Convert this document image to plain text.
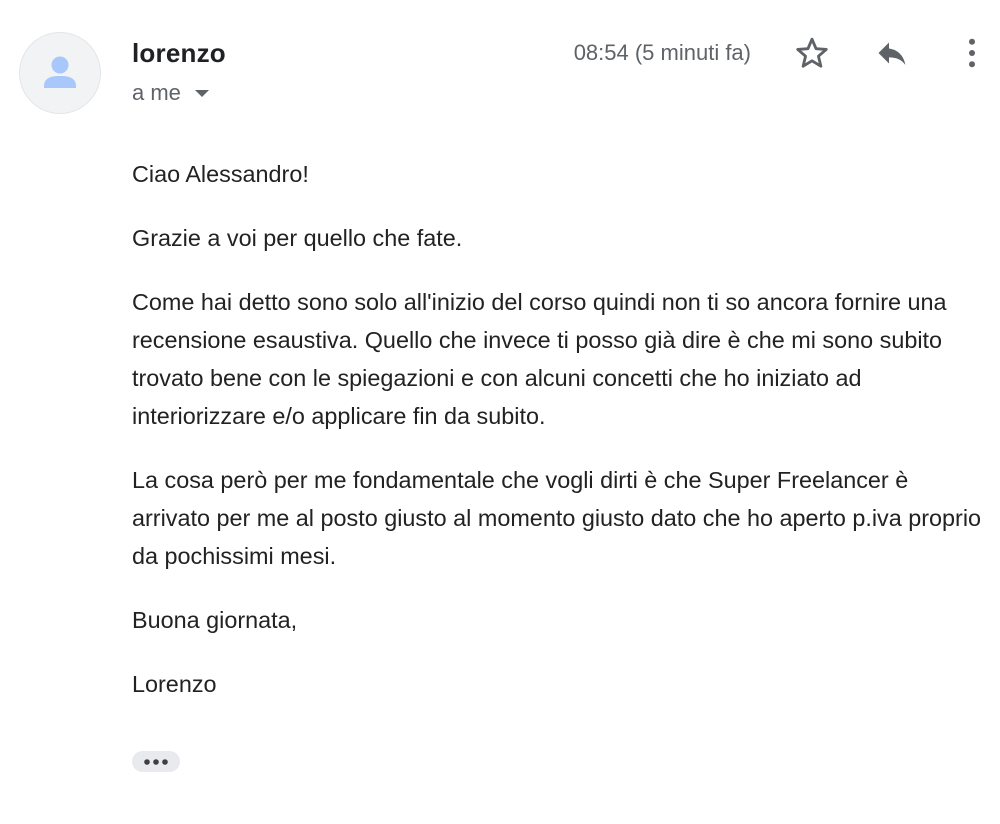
lorenzo
a me
08:54 (5 minuti fa)

Ciao Alessandro!

Grazie a voi per quello che fate.

Come hai detto sono solo all'inizio del corso quindi non ti so ancora fornire una recensione esaustiva. Quello che invece ti posso già dire è che mi sono subito trovato bene con le spiegazioni e con alcuni concetti che ho iniziato ad interiorizzare e/o applicare fin da subito.

La cosa però per me fondamentale che vogli dirti è che Super Freelancer è arrivato per me al posto giusto al momento giusto dato che ho aperto p.iva proprio da pochissimi mesi.

Buona giornata,

Lorenzo
